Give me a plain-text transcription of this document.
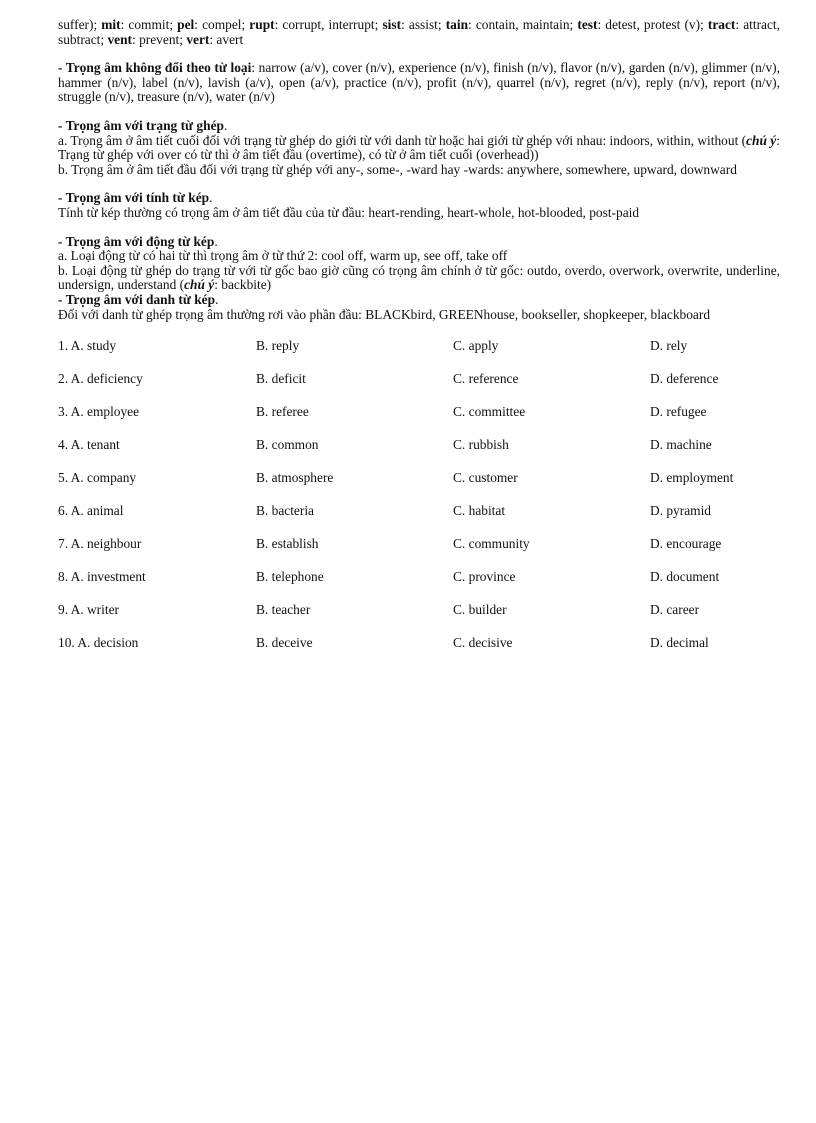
suffer); mit: commit; pel: compel; rupt: corrupt, interrupt; sist: assist; tain: contain, maintain; test: detest, protest (v); tract: attract, subtract; vent: prevent; vert: avert

- Trọng âm không đổi theo từ loại: narrow (a/v), cover (n/v), experience (n/v), finish (n/v), flavor (n/v), garden (n/v), glimmer (n/v), hammer (n/v), label (n/v), lavish (a/v), open (a/v), practice (n/v), profit (n/v), quarrel (n/v), regret (n/v), reply (n/v), report (n/v), struggle (n/v), treasure (n/v), water (n/v)

- Trọng âm với trạng từ ghép.

a. Trọng âm ở âm tiết cuối đối với trạng từ ghép do giới từ với danh từ hoặc hai giới từ ghép với nhau: indoors, within, without (chú ý: Trạng từ ghép với over có từ thì ở âm tiết đầu (overtime), có từ ở âm tiết cuối (overhead))

b. Trọng âm ở âm tiết đầu đối với trạng từ ghép với any-, some-, -ward hay -wards: anywhere, somewhere, upward, downward

- Trọng âm với tính từ kép.

Tính từ kép thường có trọng âm ở âm tiết đầu của từ đầu: heart-rending, heart-whole, hot-blooded, post-paid

- Trọng âm với động từ kép.

a. Loại động từ có hai từ thì trọng âm ở từ thứ 2: cool off, warm up, see off, take off

b. Loại động từ ghép do trạng từ với từ gốc bao giờ cũng có trọng âm chính ở từ gốc: outdo, overdo, overwork, overwrite, underline, undersign, understand (chú ý: backbite)

- Trọng âm với danh từ kép.

Đối với danh từ ghép trọng âm thường rơi vào phần đầu: BLACKbird, GREENhouse, bookseller, shopkeeper, blackboard

1. A. study	B. reply	C. apply	D. rely
2. A. deficiency	B. deficit	C. reference	D. deference
3. A. employee	B. referee	C. committee	D. refugee
4. A. tenant	B. common	C. rubbish	D. machine
5. A. company	B. atmosphere	C. customer	D. employment
6. A. animal	B. bacteria	C. habitat	D. pyramid
7. A. neighbour	B. establish	C. community	D. encourage
8. A. investment	B. telephone	C. province	D. document
9. A. writer	B. teacher	C. builder	D. career
10. A. decision	B. deceive	C. decisive	D. decimal
